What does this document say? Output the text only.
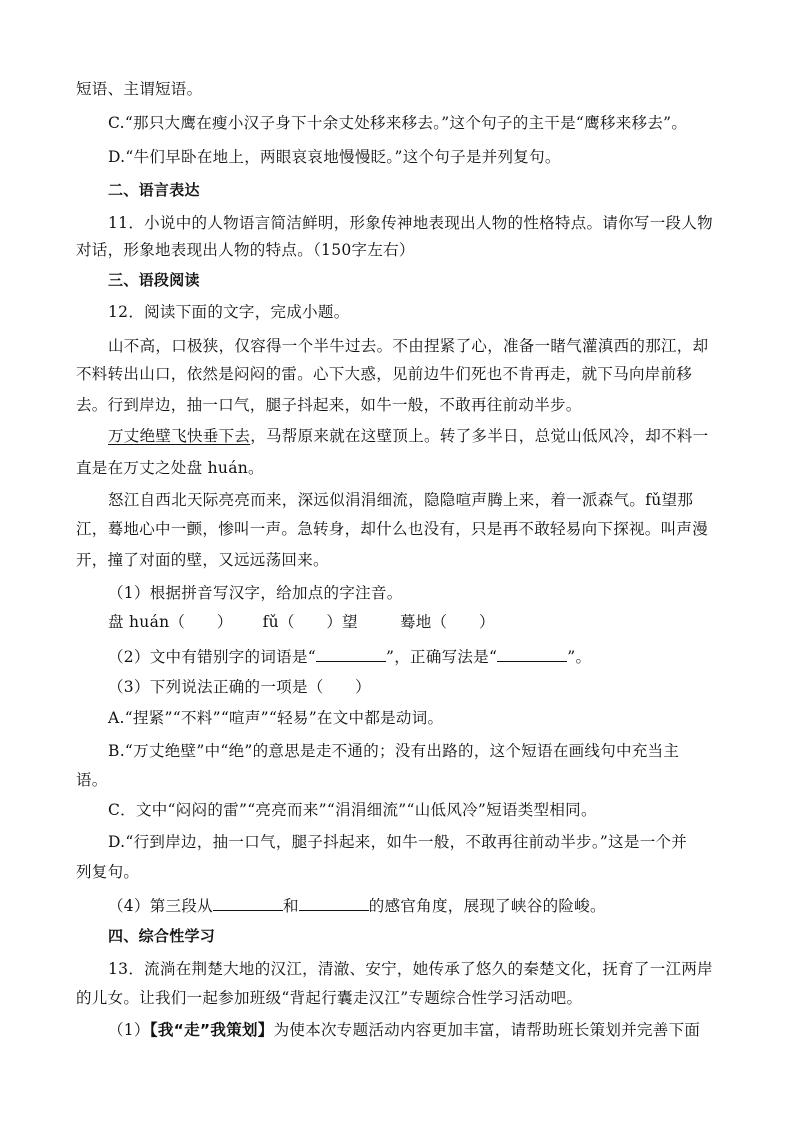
短语、主谓短语。
C.“那只大鹰在瘦小汉子身下十余丈处移来移去。”这个句子的主干是“鹰移来移去”。
D.“牛们早卧在地上，两眼哀哀地慢慢眨。”这个句子是并列复句。
二、语言表达
11．小说中的人物语言简洁鲜明，形象传神地表现出人物的性格特点。请你写一段人物
对话，形象地表现出人物的特点。（150字左右）
三、语段阅读
12．阅读下面的文字，完成小题。
山不高，口极狭，仅容得一个半牛过去。不由捏紧了心，准备一睹气灌滇西的那江，却
不料转出山口，依然是闷闷的雷。心下大惑，见前边牛们死也不肯再走，就下马向岸前移
去。行到岸边，抽一口气，腿子抖起来，如牛一般，不敢再往前动半步。
万丈绝壁飞快垂下去，马帮原来就在这壁顶上。转了多半日，总觉山低风冷，却不料一
直是在万丈之处盘 huán。
怒江自西北天际亮亮而来，深远似涓涓细流，隐隐喧声腾上来，着一派森气。fǔ望那
江，蓦地心中一颤，惨叫一声。急转身，却什么也没有，只是再不敢轻易向下探视。叫声漫
开，撞了对面的壁，又远远荡回来。
（1）根据拼音写汉字，给加点的字注音。
盘 huán（　　） fǔ（　　）望	蓦地（　　）
（2）文中有错别字的词语是“	”，正确写法是“	”。
（3）下列说法正确的一项是（　　）
A.“捏紧”“不料”“喧声”“轻易”在文中都是动词。
B.“万丈绝壁”中“绝”的意思是走不通的；没有出路的，这个短语在画线句中充当主
语。
C．文中“闷闷的雷”“亮亮而来”“涓涓细流”“山低风冷”短语类型相同。
D.“行到岸边，抽一口气，腿子抖起来，如牛一般，不敢再往前动半步。”这是一个并
列复句。
（4）第三段从	和	的感官角度，展现了峡谷的险峻。
四、综合性学习
13．流淌在荆楚大地的汉江，清澈、安宁，她传承了悠久的秦楚文化，抚育了一江两岸
的儿女。让我们一起参加班级“背起行囊走汉江”专题综合性学习活动吧。
（1）【我“走”我策划】为使本次专题活动内容更加丰富，请帮助班长策划并完善下面
